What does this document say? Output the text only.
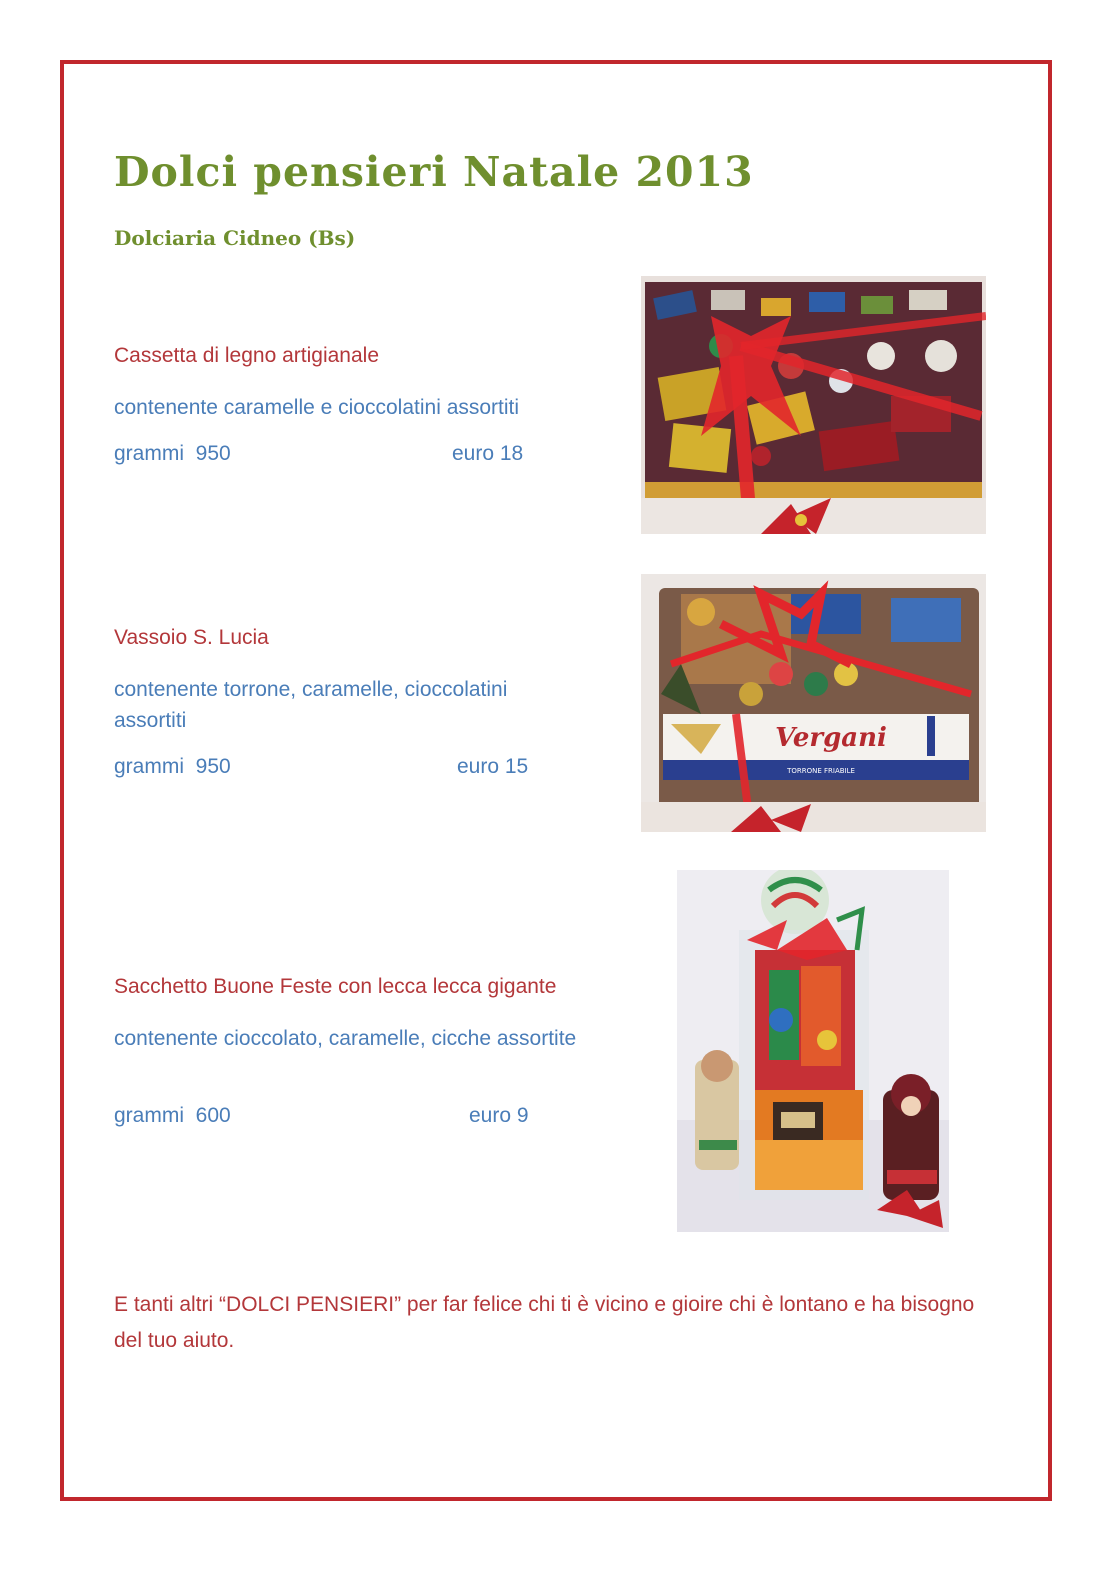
Dolci pensieri Natale 2013
Dolciaria Cidneo (Bs)
Cassetta di legno artigianale
contenente caramelle e cioccolatini assortiti
grammi  950	euro 18
Vassoio S. Lucia
contenente torrone, caramelle, cioccolatini assortiti
grammi  950	euro 15
Vergani
TORRONE FRIABILE
Sacchetto Buone Feste con lecca lecca gigante
contenente cioccolato, caramelle, cicche assortite
grammi  600	euro 9

E tanti altri “DOLCI PENSIERI” per far felice chi ti è vicino e gioire chi è lontano e ha bisogno del tuo aiuto.
